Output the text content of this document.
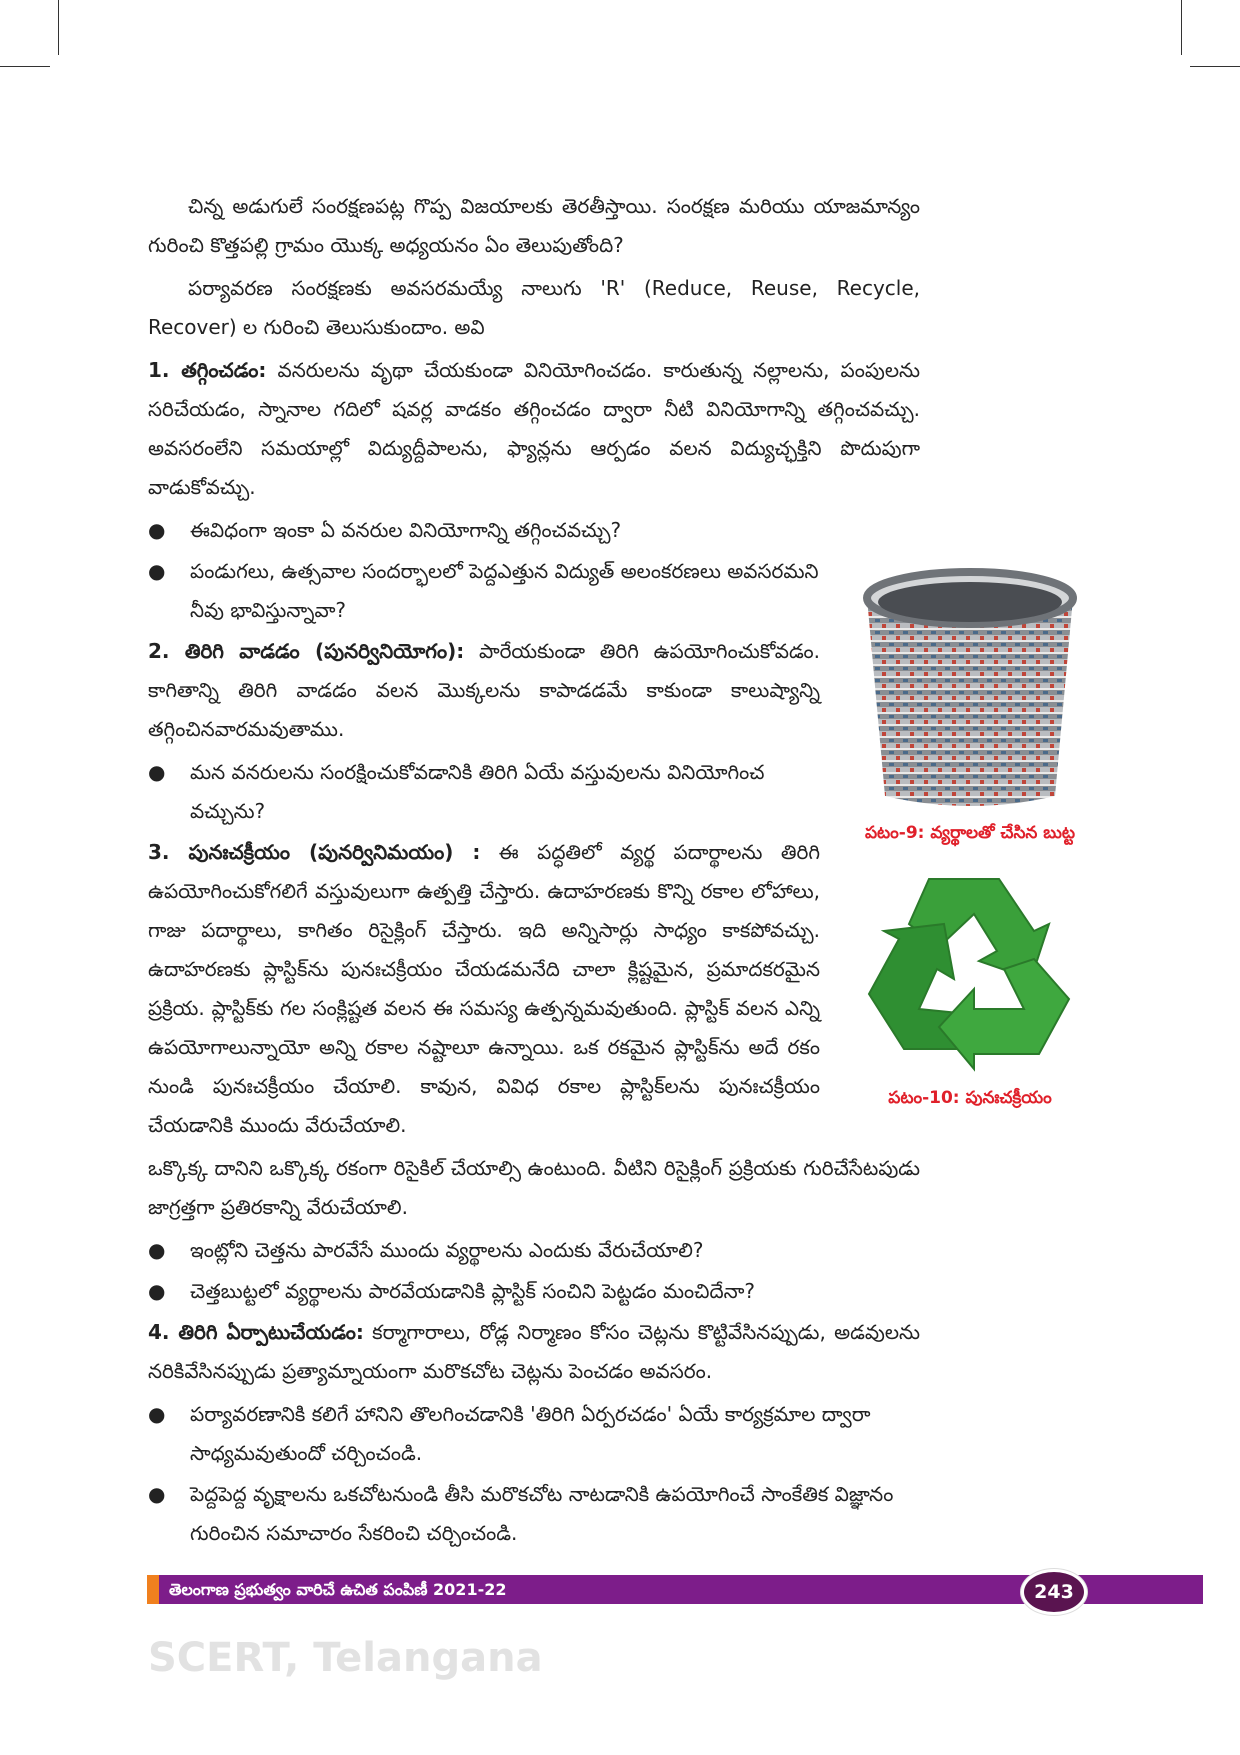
చిన్న అడుగులే సంరక్షణపట్ల గొప్ప విజయాలకు తెరతీస్తాయి. సంరక్షణ మరియు యాజమాన్యం గురించి కొత్తపల్లి గ్రామం యొక్క అధ్యయనం ఏం తెలుపుతోంది?

పర్యావరణ సంరక్షణకు అవసరమయ్యే నాలుగు 'R' (Reduce, Reuse, Recycle, Recover) ల గురించి తెలుసుకుందాం. అవి

1. తగ్గించడం: వనరులను వృథా చేయకుండా వినియోగించడం. కారుతున్న నల్లాలను, పంపులను సరిచేయడం, స్నానాల గదిలో షవర్ల వాడకం తగ్గించడం ద్వారా నీటి వినియోగాన్ని తగ్గించవచ్చు. అవసరంలేని సమయాల్లో విద్యుద్దీపాలను, ఫ్యాన్లను ఆర్పడం వలన విద్యుచ్ఛక్తిని పొదుపుగా వాడుకోవచ్చు.

●	ఈవిధంగా ఇంకా ఏ వనరుల వినియోగాన్ని తగ్గించవచ్చు?
పటం-9: వ్యర్థాలతో చేసిన బుట్ట
పటం-10: పునఃచక్రీయం
●	పండుగలు, ఉత్సవాల సందర్భాలలో పెద్దఎత్తున విద్యుత్ అలంకరణలు అవసరమని నీవు భావిస్తున్నావా?

2. తిరిగి వాడడం (పునర్వినియోగం): పారేయకుండా తిరిగి ఉపయోగించుకోవడం. కాగితాన్ని తిరిగి వాడడం వలన మొక్కలను కాపాడడమే కాకుండా కాలుష్యాన్ని తగ్గించినవారమవుతాము.

●	మన వనరులను సంరక్షించుకోవడానికి తిరిగి ఏయే వస్తువులను వినియోగించ వచ్చును?

3. పునఃచక్రీయం (పునర్వినిమయం) : ఈ పద్ధతిలో వ్యర్థ పదార్థాలను తిరిగి ఉపయోగించుకోగలిగే వస్తువులుగా ఉత్పత్తి చేస్తారు. ఉదాహరణకు కొన్ని రకాల లోహాలు, గాజు పదార్థాలు, కాగితం రిసైక్లింగ్ చేస్తారు. ఇది అన్నిసార్లు సాధ్యం కాకపోవచ్చు. ఉదాహరణకు ప్లాస్టిక్‌ను పునఃచక్రీయం చేయడమనేది చాలా క్లిష్టమైన, ప్రమాదకరమైన ప్రక్రియ. ప్లాస్టిక్‌కు గల సంక్లిష్టత వలన ఈ సమస్య ఉత్పన్నమవుతుంది. ప్లాస్టిక్ వలన ఎన్ని ఉపయోగాలున్నాయో అన్ని రకాల నష్టాలూ ఉన్నాయి. ఒక రకమైన ప్లాస్టిక్‌ను అదే రకం నుండి పునఃచక్రీయం చేయాలి. కావున, వివిధ రకాల ప్లాస్టిక్‌లను పునఃచక్రీయం చేయడానికి ముందు వేరుచేయాలి.

ఒక్కొక్క దానిని ఒక్కొక్క రకంగా రిసైకిల్ చేయాల్సి ఉంటుంది. వీటిని రిసైక్లింగ్ ప్రక్రియకు గురిచేసేటపుడు జాగ్రత్తగా ప్రతిరకాన్ని వేరుచేయాలి.

●	ఇంట్లోని చెత్తను పారవేసే ముందు వ్యర్థాలను ఎందుకు వేరుచేయాలి?
●	చెత్తబుట్టలో వ్యర్థాలను పారవేయడానికి ప్లాస్టిక్ సంచిని పెట్టడం మంచిదేనా?

4. తిరిగి ఏర్పాటుచేయడం: కర్మాగారాలు, రోడ్ల నిర్మాణం కోసం చెట్లను కొట్టివేసినప్పుడు, అడవులను నరికివేసినప్పుడు ప్రత్యామ్నాయంగా మరొకచోట చెట్లను పెంచడం అవసరం.

●	పర్యావరణానికి కలిగే హానిని తొలగించడానికి 'తిరిగి ఏర్పరచడం' ఏయే కార్యక్రమాల ద్వారా సాధ్యమవుతుందో చర్చించండి.
●	పెద్దపెద్ద వృక్షాలను ఒకచోటనుండి తీసి మరొకచోట నాటడానికి ఉపయోగించే సాంకేతిక విజ్ఞానం గురించిన సమాచారం సేకరించి చర్చించండి.
తెలంగాణ ప్రభుత్వం వారిచే ఉచిత పంపిణీ 2021-22	243
SCERT, Telangana
